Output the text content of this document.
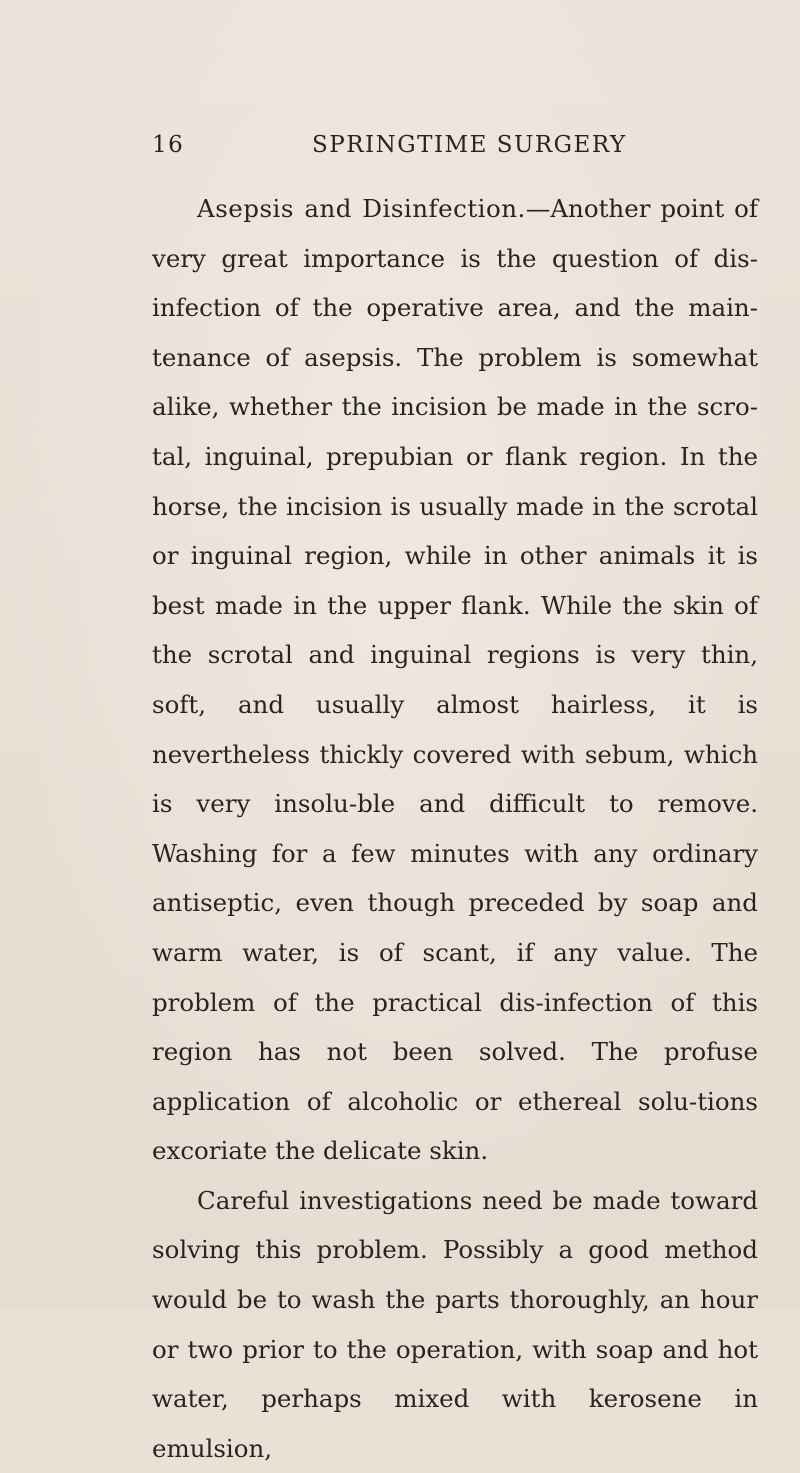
16	SPRINGTIME SURGERY

Asepsis and Disinfection.—Another point of very great importance is the question of dis-infection of the operative area, and the main-tenance of asepsis. The problem is somewhat alike, whether the incision be made in the scro-tal, inguinal, prepubian or flank region. In the horse, the incision is usually made in the scrotal or inguinal region, while in other animals it is best made in the upper flank. While the skin of the scrotal and inguinal regions is very thin, soft, and usually almost hairless, it is nevertheless thickly covered with sebum, which is very insolu-ble and difficult to remove. Washing for a few minutes with any ordinary antiseptic, even though preceded by soap and warm water, is of scant, if any value. The problem of the practical dis-infection of this region has not been solved. The profuse application of alcoholic or ethereal solu-tions excoriate the delicate skin.

Careful investigations need be made toward solving this problem. Possibly a good method would be to wash the parts thoroughly, an hour or two prior to the operation, with soap and hot water, perhaps mixed with kerosene in emulsion,
